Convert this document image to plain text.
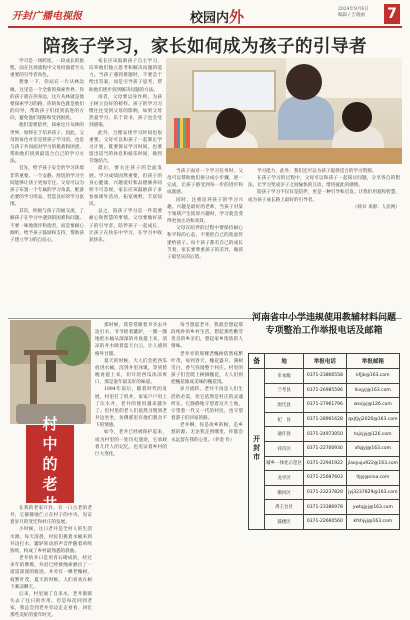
开封广播电视报	校园内外	2024年9月6日
编辑 / 吉晓丽 7
陪孩子学习，家长如何成为孩子的引导者

学习是一场跨度，一段成长的旅程，而在这场旅程中父母扮演着至关重要的引导者角色。

想象一下，你站在一片从林边缘，这里是一个全新的探索世界。你的孩子就在你身边，这片从林就是他要探索学习的路，你的角色就是他们的向导，帮助孩子们找到前进的方向，避免他们迷路和受到困扰。

他们需要陪伴，探索这片从林的世界，始终在于培养孩子。因此，父母的角色并非是替孩子学习的，也是与孩子共同面对学习的挑战和困惑，帮助他们找到最适合自己的学习方法。

首先，给予孩子安全的学习环境非常重要。一个安静、舒适的学习空间能够让孩子更加专注。父母可以为孩子布置一个专属的学习角落，配备必要的学习用品，营造良好的学习氛围。

其次，积极与孩子沟通交流，了解孩子在学习中遇到的困难和问题。不要一味地批评和指责，而是要耐心倾听，给予孩子鼓励和支持，帮助孩子建立学习的自信心。

家长应该鼓励孩子自主学习，培养他们独立思考和解决问题的能力。当孩子遇到难题时，不要急于给出答案，而是引导孩子思考，帮助他们逐步找到解决问题的方法。

再者，父母要以身作则，为孩子树立良好的榜样。孩子的学习习惯往往受到父母的影响，如果父母热爱学习、乐于读书，孩子也会受到感染。

此外，合理安排学习时间也很重要。父母可以和孩子一起制定学习计划，既要保证学习时间，也要留出适当的休息和娱乐时间，做到劳逸结合。

最后，要关注孩子的全面发展。学习成绩固然重要，但孩子的身心健康、兴趣爱好和品德修养同样不可忽视。家长应该鼓励孩子多参加课外活动，拓宽视野，丰富知识。

总之，陪孩子学习是一件需要耐心和智慧的事情。父母要做好孩子的引导者，陪伴孩子一起成长，让孩子在快乐中学习，在学习中收获快乐。

当孩子面对一个学习任务时，父母可以帮助他们拆分成小步骤，逐一完成，让孩子感受到每一步的进步和成就感。

同时，注重培养孩子的学习兴趣。兴趣是最好的老师，当孩子对某个领域产生浓厚兴趣时，学习就会变得更加主动和高效。

父母在陪伴的过程中要保持耐心和平和的心态，不要把自己的焦虑传递给孩子。每个孩子都有自己的成长节奏，家长要尊重孩子的差异，做孩子最坚实的后盾。

学习能力，此外，我们还可以为孩子提供适合的学习资源。

在孩子学习的过程中，父母可以和孩子一起探讨问题，分享各自的想法，让学习变成亲子之间愉快的互动，增进彼此的感情。

陪孩子学习不仅仅是陪伴，更是一种引导和启发。让我们用爱和智慧，成为孩子成长路上最好的引导者。

（韩书 来源：人民网）

村
中
的
老
井

在我的老家开封，有一口古老的老井，它静静地伫立在村子的中央，见证着岁月的变迁和村庄的发展。

小时候，这口老井是全村人的生活水源。每天清晨，村民们挑着水桶来到井边打水，辘轳转动的声音伴随着鸡鸣狗吠，构成了乡村最熟悉的晨曲。

老井的井口是用青石砌成的，经过多年的摩擦，井沿已经被绳索磨出了一道道深深的痕迹。井旁有一棵老槐树，枝繁叶茂，夏天的时候，人们喜欢在树下乘凉聊天。

后来，村里通了自来水，老井渐渐失去了往日的作用。但是每次回到老家，我总会到老井旁边走走看看，回忆那些美好的童年时光。

那时候，我常常跟着爷爷去井边打水。爷爷摇着辘轳，一圈一圈地把水桶从深深的井底提上来，清凉的井水映着蓝天白云，让人感到格外甘甜。

夏天的时候，大人们会把西瓜放进水桶，沉到井里冰镇，等到傍晚再提上来，切开的西瓜冰凉爽口，那是童年最美好的味道。

1984年前后，随着时代的发展，村里打了机井，家家户户用上了压水井，老井的使用越来越少了。但村里的老人们依然习惯到老井边坐坐，仿佛那里有他们割舍不下的情感。

如今，老井已经被保护起来，成为村里的一处历史遗迹，它承载着几代人的记忆，也见证着乡村的巨大变化。

每当想起老井，我就会想起那段纯朴的乡村生活，想起那些勤劳善良的乡亲们，想起家乡浓浓的人情味。

老井旁的那棵老槐树依然枝繁叶茂，每到春天，槐花盛开，满树雪白，香气弥漫整个村庄。村里的孩子们会爬上树摘槐花，大人们则把槐花做成美味的槐花饭。

岁月流转，老井不再是人们生活的必需，但它依然是村庄的灵魂所在。它静静地守望着这片土地，守望着一代又一代的村民，也守望着游子们回家的路。

老井啊，你是故乡的根，是乡愁的源。无论我走到哪里，你都会永远留在我的心里。（李金 作）

河南省中小学违规使用教辅材料问题
专项整治工作举报电话及邮箱
备	地	举报电话	举报邮箱
开
封
市	市本级	0371-23866558	kfjjk@163.com
	兰考县	0371-26985596	lkxjyj@163.com
	尉氏县	0371-27961796	wsxjyj@126.com
	杞　县	0371-28961628	qxjtjyj2020@163.com
	通许县	0371-24973050	txjcjyj@126.com
	祥符区	0371-22700930	xfqjyj@163.com
	城乡一体化示范区	0371-22941922	jiaoyuju922@163.com
	龙亭区	0371-25697603	ltjyj@sina.com
	顺河区	0371-23237829	jyj3237829@163.com
	禹王台区	0371-23386978	ywtqjyj@163.com
	鼓楼区	0371-22660560	kfshjyj@163.com
